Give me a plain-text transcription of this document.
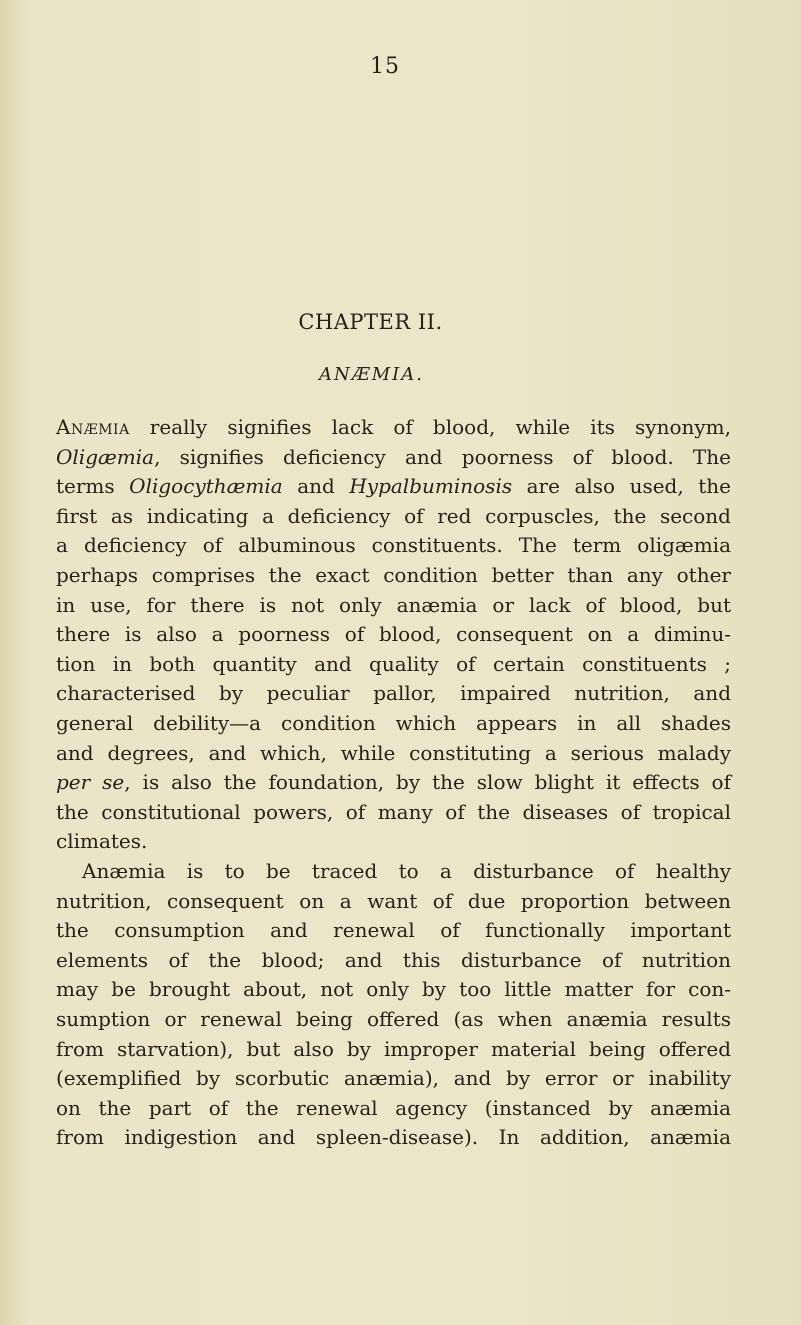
15
CHAPTER II.
ANÆMIA.
Anæmia really signifies lack of blood, while its synonym,
Oligæmia, signifies deficiency and poorness of blood. The
terms Oligocythæmia and Hypalbuminosis are also used, the
first as indicating a deficiency of red corpuscles, the second
a deficiency of albuminous constituents. The term oligæmia
perhaps comprises the exact condition better than any other
in use, for there is not only anæmia or lack of blood, but
there is also a poorness of blood, consequent on a diminu-
tion in both quantity and quality of certain constituents ;
characterised by peculiar pallor, impaired nutrition, and
general debility—a condition which appears in all shades
and degrees, and which, while constituting a serious malady
per se, is also the foundation, by the slow blight it effects of
the constitutional powers, of many of the diseases of tropical
climates.
Anæmia is to be traced to a disturbance of healthy
nutrition, consequent on a want of due proportion between
the consumption and renewal of functionally important
elements of the blood; and this disturbance of nutrition
may be brought about, not only by too little matter for con-
sumption or renewal being offered (as when anæmia results
from starvation), but also by improper material being offered
(exemplified by scorbutic anæmia), and by error or inability
on the part of the renewal agency (instanced by anæmia
from indigestion and spleen-disease). In addition, anæmia
